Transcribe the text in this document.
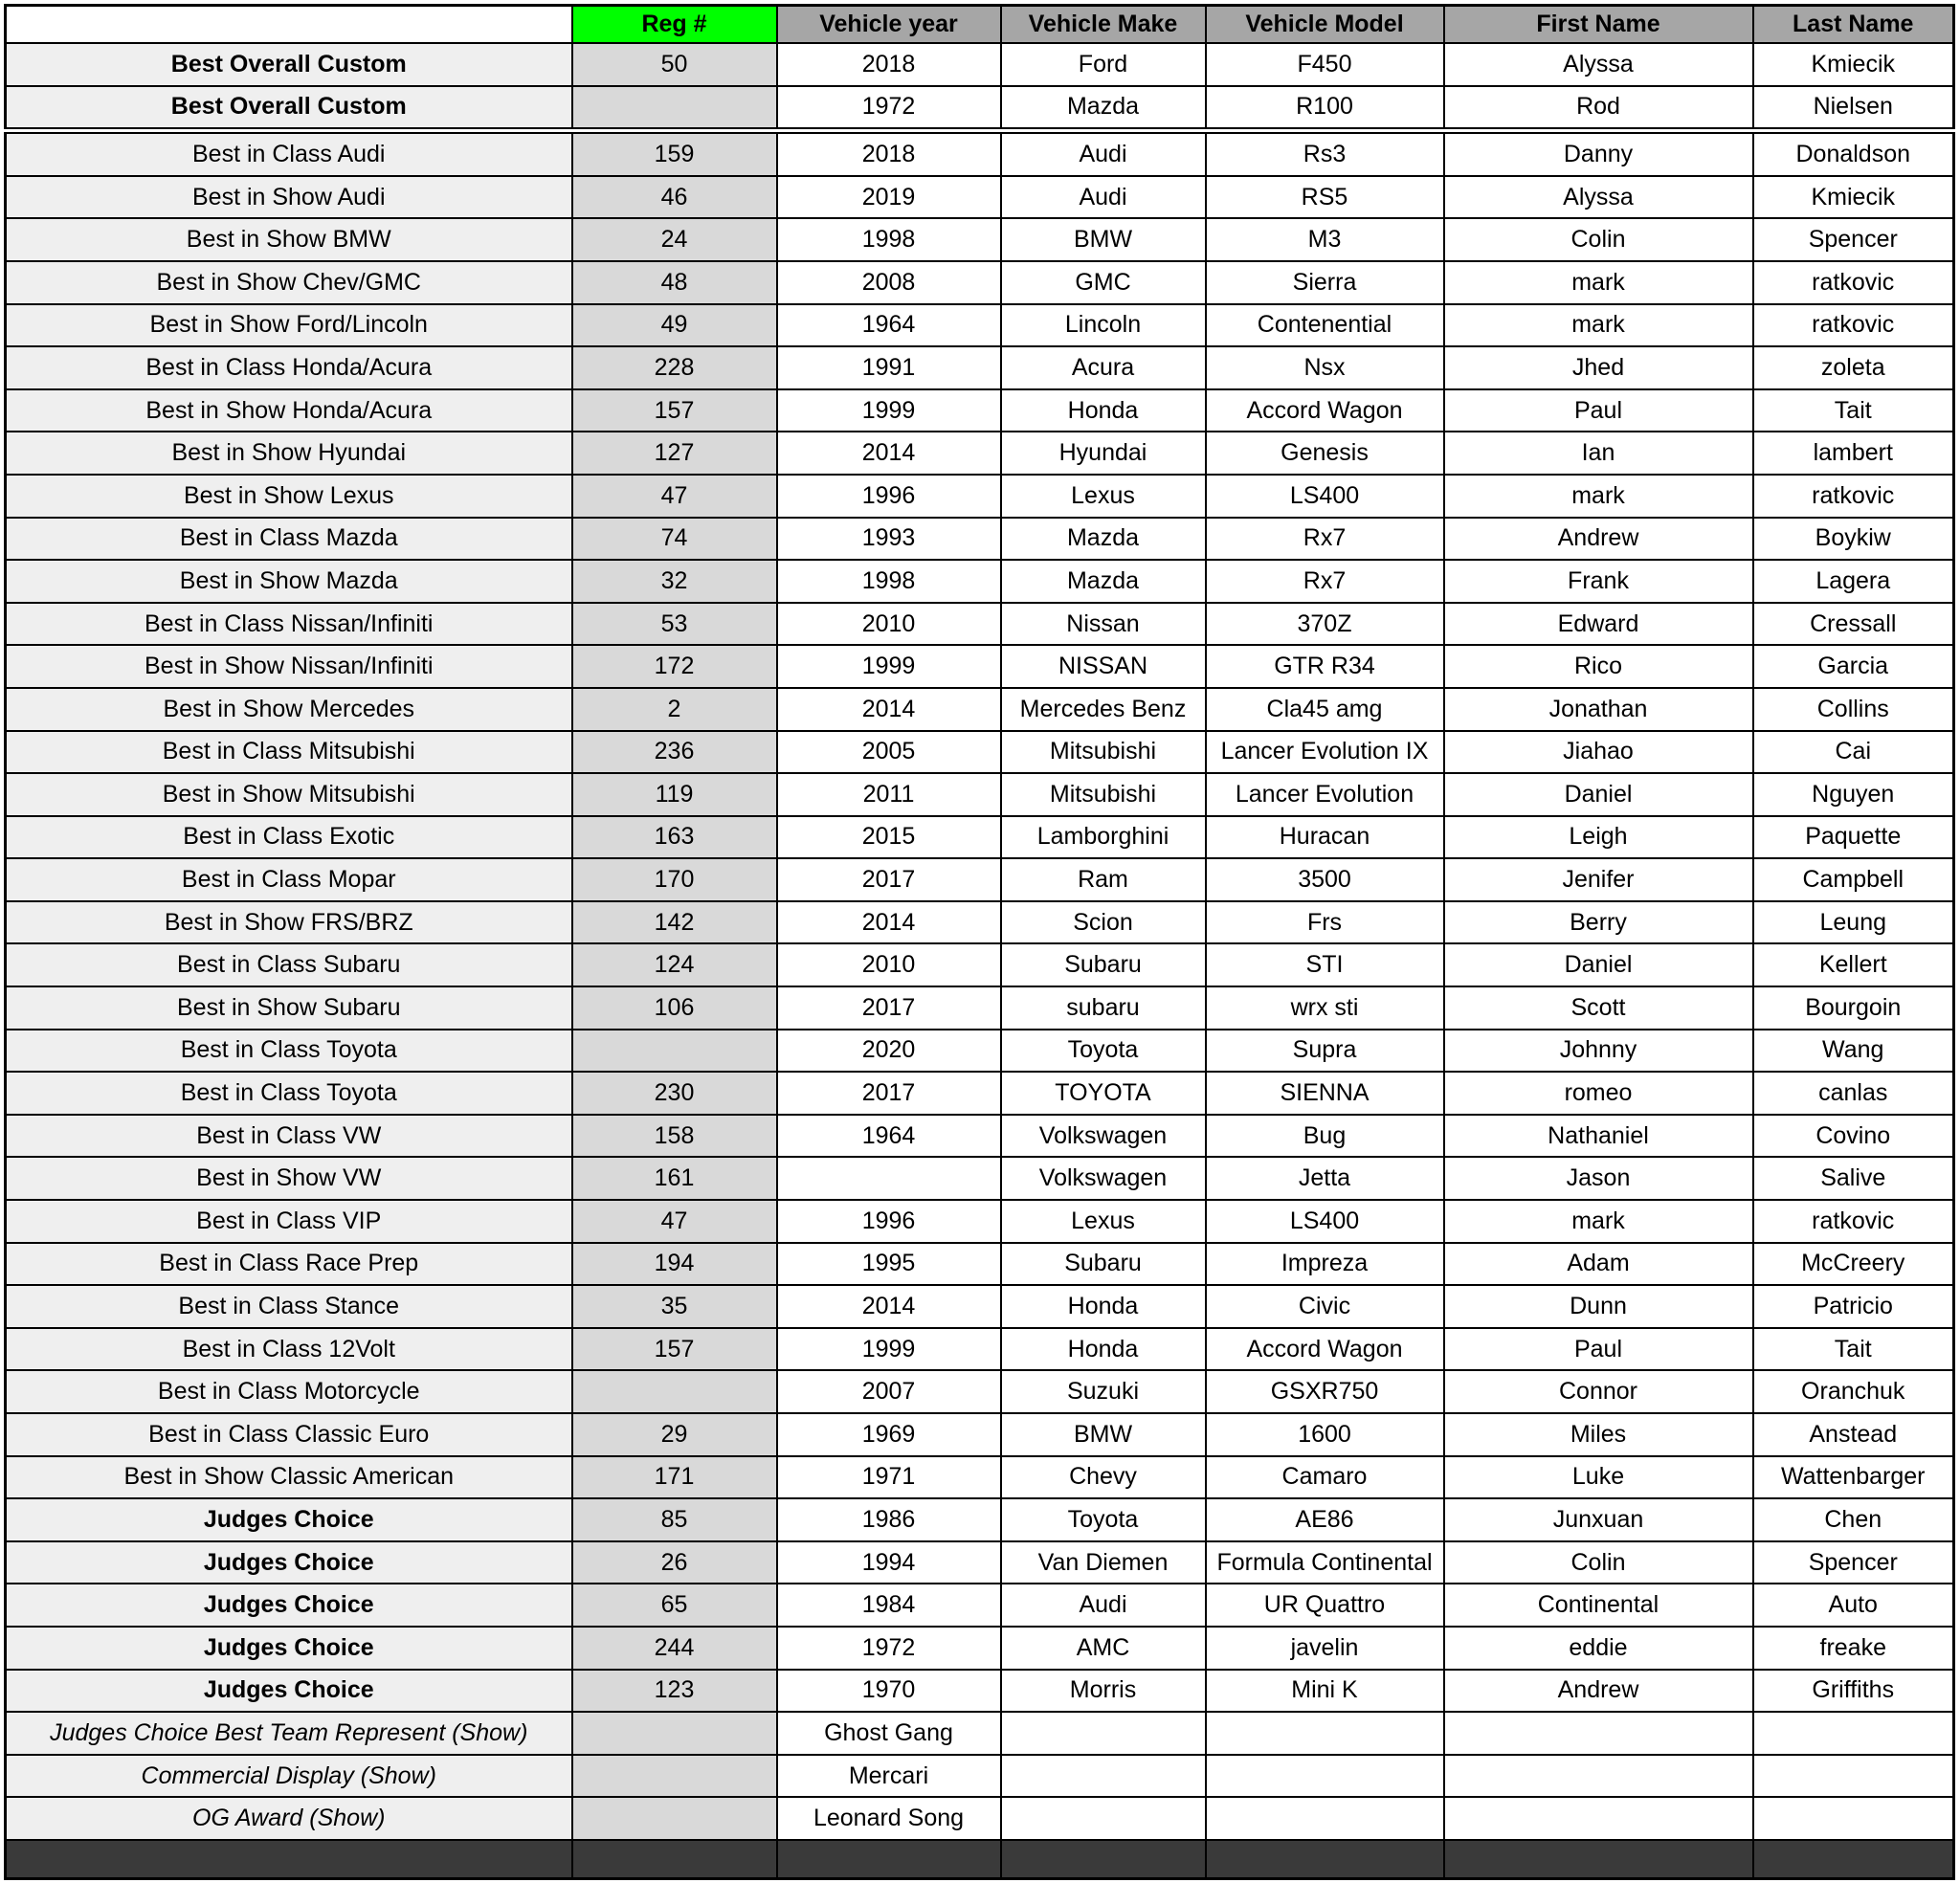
	Reg #	Vehicle year	Vehicle Make	Vehicle Model	First Name	Last Name
Best Overall Custom	50	2018	Ford	F450	Alyssa	Kmiecik
Best Overall Custom		1972	Mazda	R100	Rod	Nielsen
Best in Class Audi	159	2018	Audi	Rs3	Danny	Donaldson
Best in Show Audi	46	2019	Audi	RS5	Alyssa	Kmiecik
Best in Show BMW	24	1998	BMW	M3	Colin	Spencer
Best in Show Chev/GMC	48	2008	GMC	Sierra	mark	ratkovic
Best in Show Ford/Lincoln	49	1964	Lincoln	Contenential	mark	ratkovic
Best in Class Honda/Acura	228	1991	Acura	Nsx	Jhed	zoleta
Best in Show Honda/Acura	157	1999	Honda	Accord Wagon	Paul	Tait
Best in Show Hyundai	127	2014	Hyundai	Genesis	Ian	lambert
Best in Show Lexus	47	1996	Lexus	LS400	mark	ratkovic
Best in Class Mazda	74	1993	Mazda	Rx7	Andrew	Boykiw
Best in Show Mazda	32	1998	Mazda	Rx7	Frank	Lagera
Best in Class Nissan/Infiniti	53	2010	Nissan	370Z	Edward	Cressall
Best in Show Nissan/Infiniti	172	1999	NISSAN	GTR R34	Rico	Garcia
Best in Show Mercedes	2	2014	Mercedes Benz	Cla45 amg	Jonathan	Collins
Best in Class Mitsubishi	236	2005	Mitsubishi	Lancer Evolution IX	Jiahao	Cai
Best in Show Mitsubishi	119	2011	Mitsubishi	Lancer Evolution	Daniel	Nguyen
Best in Class Exotic	163	2015	Lamborghini	Huracan	Leigh	Paquette
Best in Class Mopar	170	2017	Ram	3500	Jenifer	Campbell
Best in Show FRS/BRZ	142	2014	Scion	Frs	Berry	Leung
Best in Class Subaru	124	2010	Subaru	STI	Daniel	Kellert
Best in Show Subaru	106	2017	subaru	wrx sti	Scott	Bourgoin
Best in Class Toyota		2020	Toyota	Supra	Johnny	Wang
Best in Class Toyota	230	2017	TOYOTA	SIENNA	romeo	canlas
Best in Class VW	158	1964	Volkswagen	Bug	Nathaniel	Covino
Best in Show VW	161		Volkswagen	Jetta	Jason	Salive
Best in Class VIP	47	1996	Lexus	LS400	mark	ratkovic
Best in Class Race Prep	194	1995	Subaru	Impreza	Adam	McCreery
Best in Class Stance	35	2014	Honda	Civic	Dunn	Patricio
Best in Class 12Volt	157	1999	Honda	Accord Wagon	Paul	Tait
Best in Class Motorcycle		2007	Suzuki	GSXR750	Connor	Oranchuk
Best in Class Classic Euro	29	1969	BMW	1600	Miles	Anstead
Best in Show Classic American	171	1971	Chevy	Camaro	Luke	Wattenbarger
Judges Choice	85	1986	Toyota	AE86	Junxuan	Chen
Judges Choice	26	1994	Van Diemen	Formula Continental	Colin	Spencer
Judges Choice	65	1984	Audi	UR Quattro	Continental	Auto
Judges Choice	244	1972	AMC	javelin	eddie	freake
Judges Choice	123	1970	Morris	Mini K	Andrew	Griffiths
Judges Choice Best Team Represent (Show)		Ghost Gang				
Commercial Display (Show)		Mercari				
OG Award (Show)		Leonard Song				
